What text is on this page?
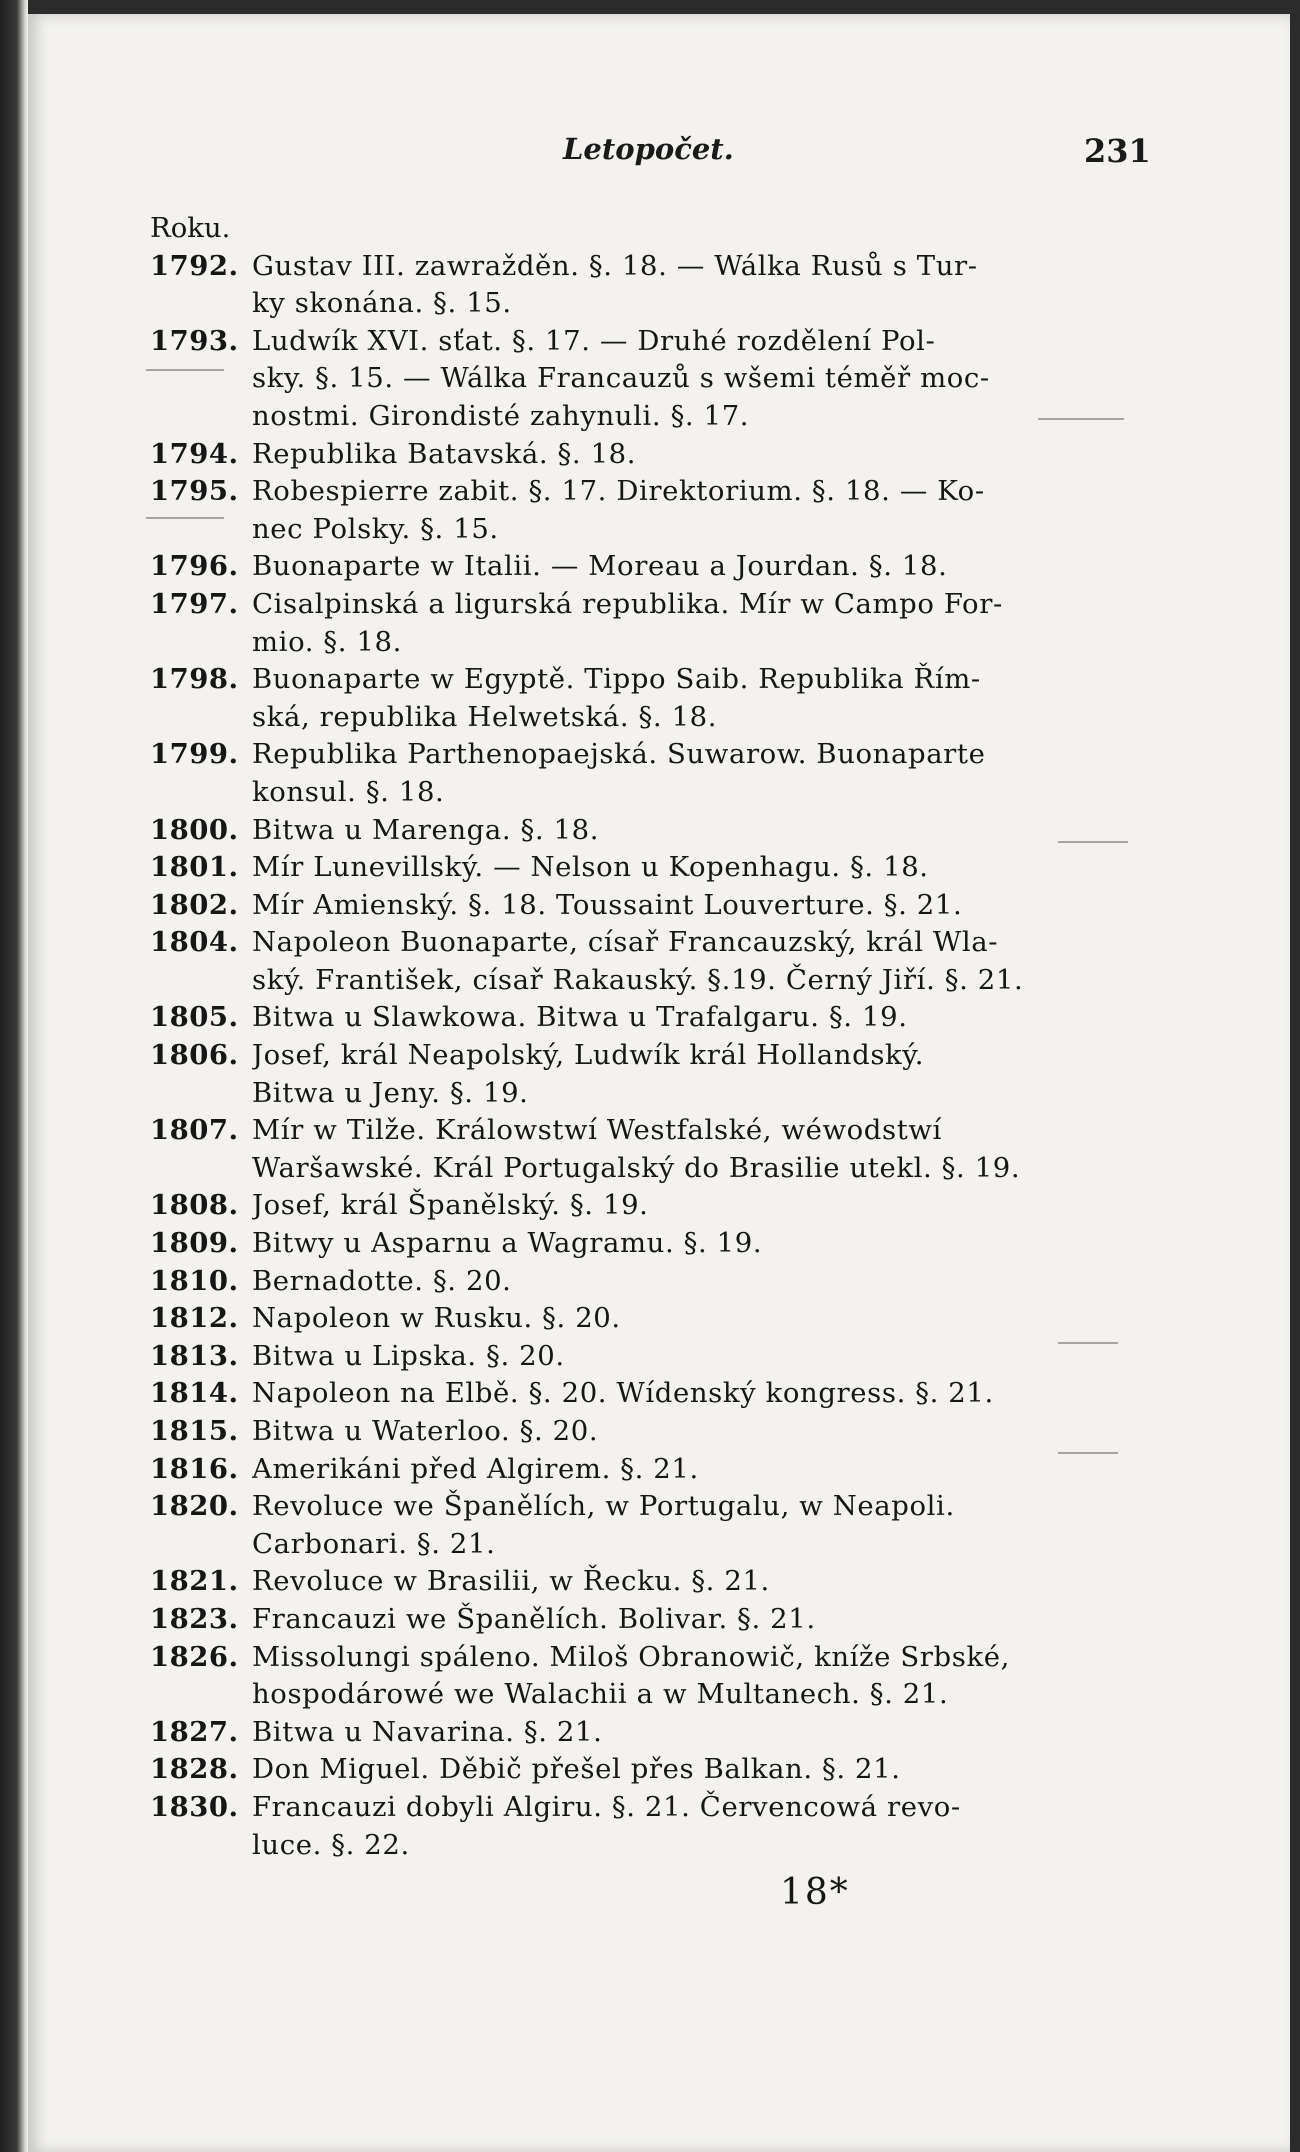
Letopočet.	231
Roku.
1792. Gustav III. zawražděn. §. 18. — Wálka Rusů s Tur-
ky skonána. §. 15.
1793. Ludwík XVI. sťat. §. 17. — Druhé rozdělení Pol-
sky. §. 15. — Wálka Francauzů s wšemi téměř moc-
nostmi. Girondisté zahynuli. §. 17.
1794. Republika Batavská. §. 18.
1795. Robespierre zabit. §. 17. Direktorium. §. 18. — Ko-
nec Polsky. §. 15.
1796. Buonaparte w Italii. — Moreau a Jourdan. §. 18.
1797. Cisalpinská a ligurská republika. Mír w Campo For-
mio. §. 18.
1798. Buonaparte w Egyptě. Tippo Saib. Republika Řím-
ská, republika Helwetská. §. 18.
1799. Republika Parthenopaejská. Suwarow. Buonaparte
konsul. §. 18.
1800. Bitwa u Marenga. §. 18.
1801. Mír Lunevillský. — Nelson u Kopenhagu. §. 18.
1802. Mír Amienský. §. 18. Toussaint Louverture. §. 21.
1804. Napoleon Buonaparte, císař Francauzský, král Wla-
ský. František, císař Rakauský. §.19. Černý Jiří. §. 21.
1805. Bitwa u Slawkowa. Bitwa u Trafalgaru. §. 19.
1806. Josef, král Neapolský, Ludwík král Hollandský.
Bitwa u Jeny. §. 19.
1807. Mír w Tilže. Králowstwí Westfalské, wéwodstwí
Waršawské. Král Portugalský do Brasilie utekl. §. 19.
1808. Josef, král Španělský. §. 19.
1809. Bitwy u Asparnu a Wagramu. §. 19.
1810. Bernadotte. §. 20.
1812. Napoleon w Rusku. §. 20.
1813. Bitwa u Lipska. §. 20.
1814. Napoleon na Elbě. §. 20. Wídenský kongress. §. 21.
1815. Bitwa u Waterloo. §. 20.
1816. Amerikáni před Algirem. §. 21.
1820. Revoluce we Španělích, w Portugalu, w Neapoli.
Carbonari. §. 21.
1821. Revoluce w Brasilii, w Řecku. §. 21.
1823. Francauzi we Španělích. Bolivar. §. 21.
1826. Missolungi spáleno. Miloš Obranowič, kníže Srbské,
hospodárowé we Walachii a w Multanech. §. 21.
1827. Bitwa u Navarina. §. 21.
1828. Don Miguel. Děbič přešel přes Balkan. §. 21.
1830. Francauzi dobyli Algiru. §. 21. Červencowá revo-
luce. §. 22.
18*
